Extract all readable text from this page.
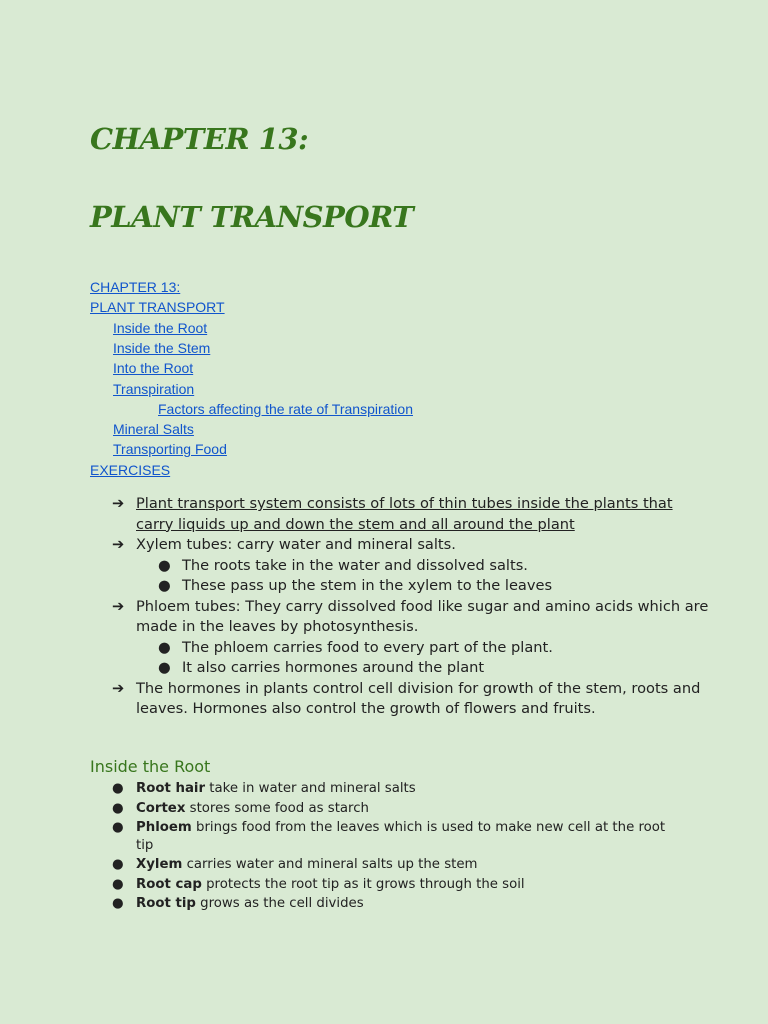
CHAPTER 13:
PLANT TRANSPORT
CHAPTER 13:
PLANT TRANSPORT
Inside the Root
Inside the Stem
Into the Root
Transpiration
Factors affecting the rate of Transpiration
Mineral Salts
Transporting Food
EXERCISES
➔ Plant transport system consists of lots of thin tubes inside the plants that carry liquids up and down the stem and all around the plant
➔ Xylem tubes: carry water and mineral salts.
● The roots take in the water and dissolved salts.
● These pass up the stem in the xylem to the leaves
➔ Phloem tubes: They carry dissolved food like sugar and amino acids which are made in the leaves by photosynthesis.
● The phloem carries food to every part of the plant.
● It also carries hormones around the plant
➔ The hormones in plants control cell division for growth of the stem, roots and leaves. Hormones also control the growth of flowers and fruits.
Inside the Root
● Root hair take in water and mineral salts
● Cortex stores some food as starch
● Phloem brings food from the leaves which is used to make new cell at the root tip
● Xylem carries water and mineral salts up the stem
● Root cap protects the root tip as it grows through the soil
● Root tip grows as the cell divides
